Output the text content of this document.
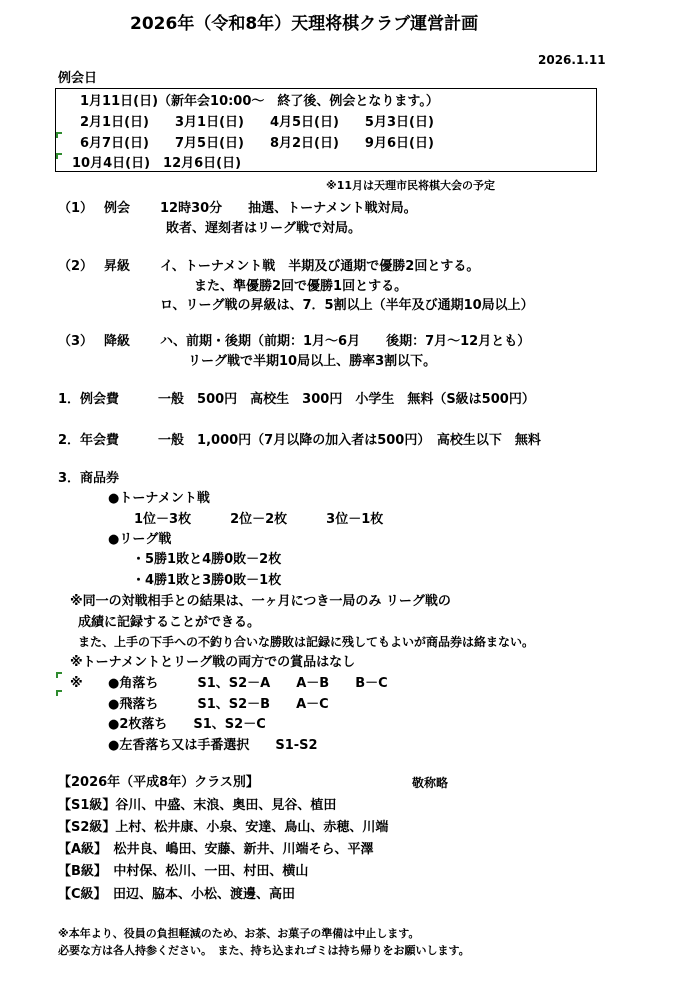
2026年（令和8年）天理将棋クラブ運営計画
2026.1.11
例会日
1月11日(日)（新年会10:00～　終了後、例会となります。）
2月1日(日)　　3月1日(日)　　4月5日(日)　　5月3日(日)
6月7日(日)　　7月5日(日)　　8月2日(日)　　9月6日(日)
10月4日(日)　12月6日(日)
※11月は天理市民将棋大会の予定
（1） 例会 12時30分　　抽選、トーナメント戦対局。
敗者、遅刻者はリーグ戦で対局。
（2） 昇級 イ、トーナメント戦　半期及び通期で優勝2回とする。
また、準優勝2回で優勝1回とする。
ロ、リーグ戦の昇級は、7．5割以上（半年及び通期10局以上）
（3） 降級 ハ、前期・後期（前期：1月～6月　　後期：7月～12月とも）
リーグ戦で半期10局以上、勝率3割以下。
1．例会費　　　一般　500円　高校生　300円　小学生　無料（S級は500円）
2．年会費　　　一般　1,000円（7月以降の加入者は500円）　高校生以下　無料
3．商品券
●トーナメント戦
1位－3枚　　　2位－2枚　　　3位－1枚
●リーグ戦
・5勝1敗と4勝0敗－2枚
・4勝1敗と3勝0敗－1枚
※同一の対戦相手との結果は、一ヶ月につき一局のみ リーグ戦の
成績に記録することができる。
また、上手の下手への不釣り合いな勝敗は記録に残してもよいが商品券は絡まない。
※トーナメントとリーグ戦の両方での賞品はなし
※ ●角落ち　　　S1、S2－A　　A－B　　B－C
●飛落ち　　　S1、S2－B　　A－C
●2枚落ち　　S1、S2－C
●左香落ち又は手番選択　　S1-S2
【2026年（平成8年）クラス別】	敬称略
【S1級】谷川、中盛、末浪、奥田、見谷、植田
【S2級】上村、松井康、小泉、安達、鳥山、赤穂、川端
【A級】　松井良、嶋田、安藤、新井、川端そら、平澤
【B級】　中村保、松川、一田、村田、横山
【C級】　田辺、脇本、小松、渡邊、高田
※本年より、役員の負担軽減のため、お茶、お菓子の準備は中止します。
必要な方は各人持参ください。　また、持ち込まれゴミは持ち帰りをお願いします。
